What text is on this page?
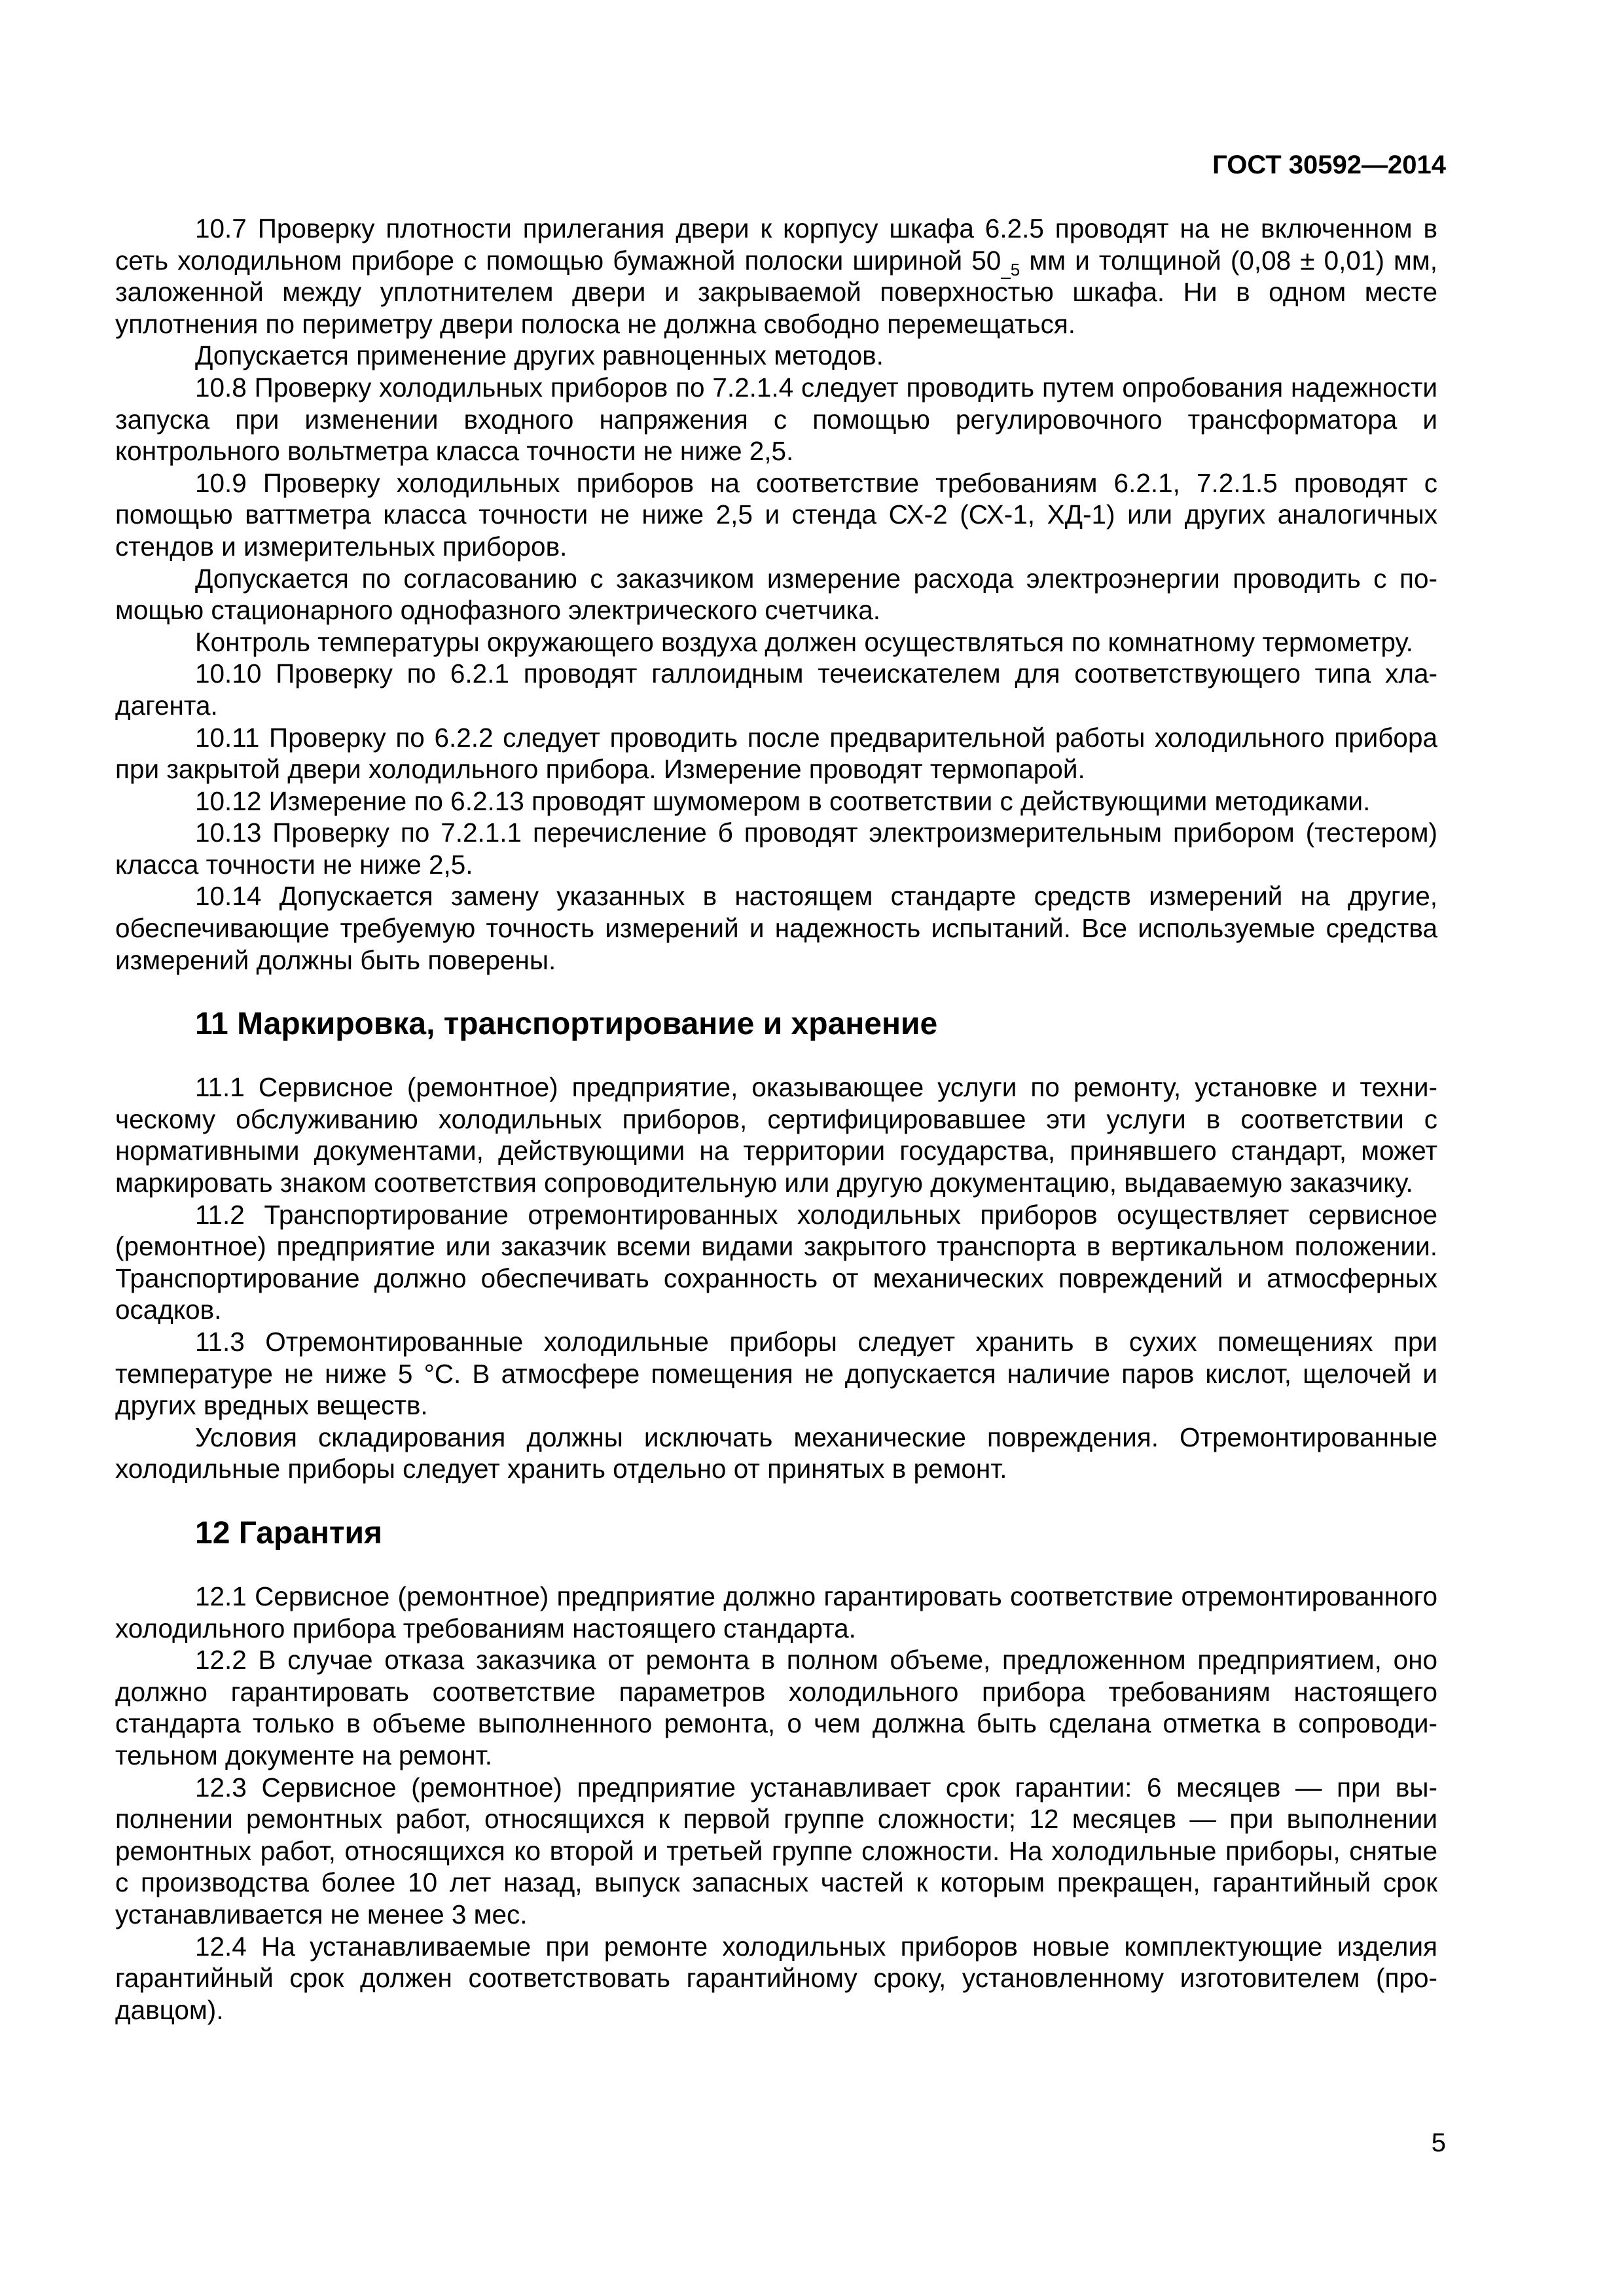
ГОСТ 30592—2014

10.7 Проверку плотности прилегания двери к корпусу шкафа 6.2.5 проводят на не включенном в сеть холодильном приборе с помощью бумажной полоски шириной $50_{\_5}$ мм и толщиной (0,08 ± 0,01) мм, заложенной между уплотнителем двери и закрываемой поверхностью шкафа. Ни в одном месте уплотнения по периметру двери полоска не должна свободно перемещаться.

Допускается применение других равноценных методов.

10.8 Проверку холодильных приборов по 7.2.1.4 следует проводить путем опробования надежности запуска при изменении входного напряжения с помощью регулировочного трансформатора и контрольного вольтметра класса точности не ниже 2,5.

10.9 Проверку холодильных приборов на соответствие требованиям 6.2.1, 7.2.1.5 проводят с помощью ваттметра класса точности не ниже 2,5 и стенда СХ-2 (СХ-1, ХД-1) или других аналогичных стендов и измерительных приборов.

Допускается по согласованию с заказчиком измерение расхода электроэнергии проводить с помощью стационарного однофазного электрического счетчика.

Контроль температуры окружающего воздуха должен осуществляться по комнатному термометру.

10.10 Проверку по 6.2.1 проводят галлоидным течеискателем для соответствующего типа хладагента.

10.11 Проверку по 6.2.2 следует проводить после предварительной работы холодильного прибора при закрытой двери холодильного прибора. Измерение проводят термопарой.

10.12 Измерение по 6.2.13 проводят шумомером в соответствии с действующими методиками.

10.13 Проверку по 7.2.1.1 перечисление б проводят электроизмерительным прибором (тестером) класса точности не ниже 2,5.

10.14 Допускается замену указанных в настоящем стандарте средств измерений на другие, обеспечивающие требуемую точность измерений и надежность испытаний. Все используемые средства измерений должны быть поверены.

11 Маркировка, транспортирование и хранение

11.1 Сервисное (ремонтное) предприятие, оказывающее услуги по ремонту, установке и техническому обслуживанию холодильных приборов, сертифицировавшее эти услуги в соответствии с нормативными документами, действующими на территории государства, принявшего стандарт, может маркировать знаком соответствия сопроводительную или другую документацию, выдаваемую заказчику.

11.2 Транспортирование отремонтированных холодильных приборов осуществляет сервисное (ремонтное) предприятие или заказчик всеми видами закрытого транспорта в вертикальном положении. Транспортирование должно обеспечивать сохранность от механических повреждений и атмосферных осадков.

11.3 Отремонтированные холодильные приборы следует хранить в сухих помещениях при температуре не ниже 5 °С. В атмосфере помещения не допускается наличие паров кислот, щелочей и других вредных веществ.

Условия складирования должны исключать механические повреждения. Отремонтированные холодильные приборы следует хранить отдельно от принятых в ремонт.

12 Гарантия

12.1 Сервисное (ремонтное) предприятие должно гарантировать соответствие отремонтированного холодильного прибора требованиям настоящего стандарта.

12.2 В случае отказа заказчика от ремонта в полном объеме, предложенном предприятием, оно должно гарантировать соответствие параметров холодильного прибора требованиям настоящего стандарта только в объеме выполненного ремонта, о чем должна быть сделана отметка в сопроводительном документе на ремонт.

12.3 Сервисное (ремонтное) предприятие устанавливает срок гарантии: 6 месяцев — при выполнении ремонтных работ, относящихся к первой группе сложности; 12 месяцев — при выполнении ремонтных работ, относящихся ко второй и третьей группе сложности. На холодильные приборы, снятые с производства более 10 лет назад, выпуск запасных частей к которым прекращен, гарантийный срок устанавливается не менее 3 мес.

12.4 На устанавливаемые при ремонте холодильных приборов новые комплектующие изделия гарантийный срок должен соответствовать гарантийному сроку, установленному изготовителем (продавцом).

5
